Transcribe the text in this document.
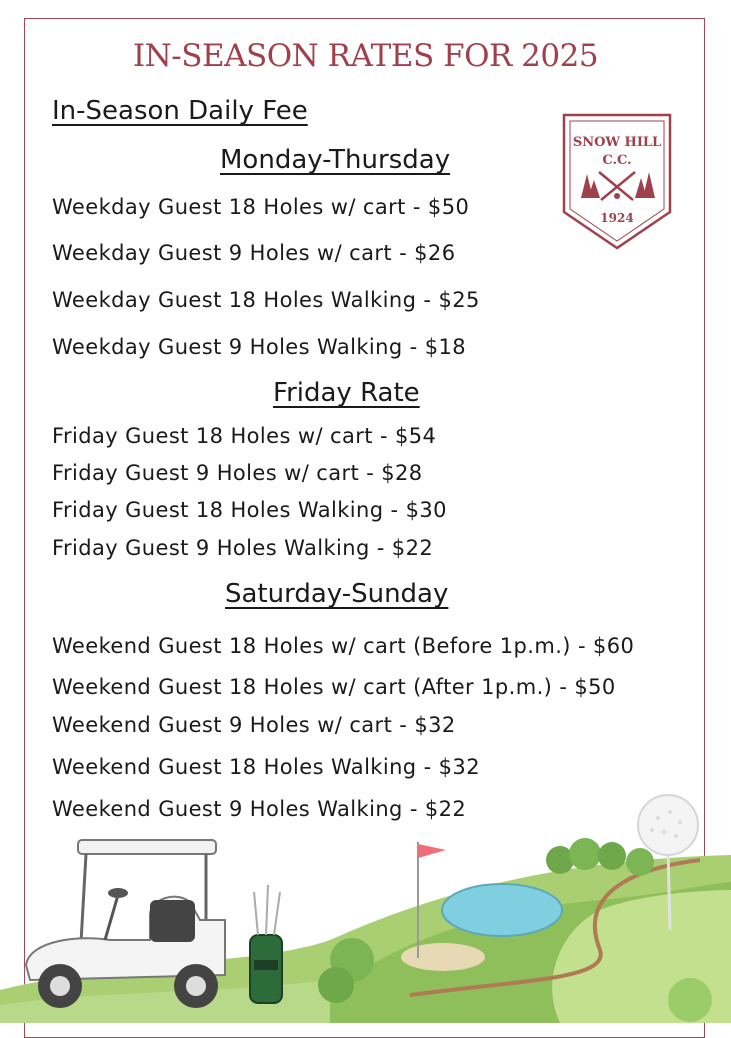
IN-SEASON RATES FOR 2025
In-Season Daily Fee
SNOW HILL
C.C.
1924
Monday-Thursday
Weekday Guest 18 Holes w/ cart - $50
Weekday Guest 9 Holes w/ cart - $26
Weekday Guest 18 Holes Walking - $25
Weekday Guest 9 Holes Walking - $18
Friday Rate
Friday Guest 18 Holes w/ cart - $54
Friday Guest 9 Holes w/ cart - $28
Friday Guest 18 Holes Walking - $30
Friday Guest 9 Holes Walking - $22
Saturday-Sunday
Weekend Guest 18 Holes w/ cart (Before 1p.m.) - $60
Weekend Guest 18 Holes w/ cart (After 1p.m.) - $50
Weekend Guest 9 Holes w/ cart - $32
Weekend Guest 18 Holes Walking - $32
Weekend Guest 9 Holes Walking - $22
